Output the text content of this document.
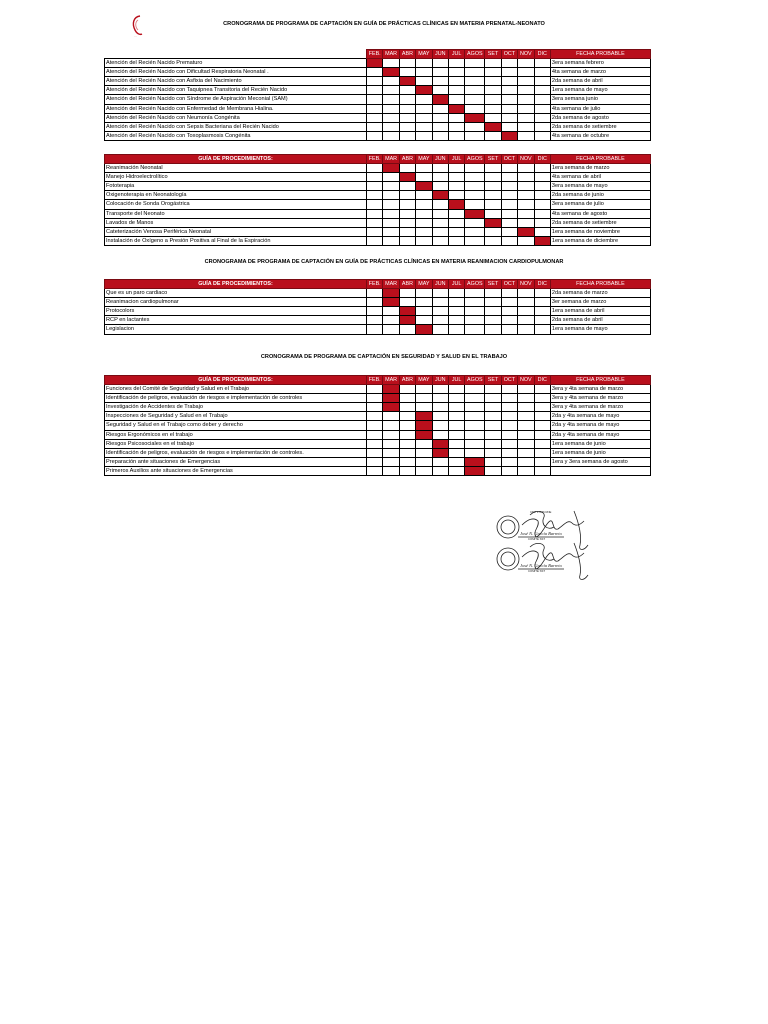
···
CRONOGRAMA DE PROGRAMA DE CAPTACIÓN EN GUÍA DE PRÁCTICAS CLÍNICAS EN MATERIA PRENATAL-NEONATO
CRONOGRAMA DE PROGRAMA DE CAPTACIÓN EN GUÍA DE PRÁCTICAS CLÍNICAS EN MATERIA REANIMACION CARDIOPULMONAR
CRONOGRAMA DE PROGRAMA DE CAPTACIÓN EN SEGURIDAD Y SALUD EN EL TRABAJO
	FEB.	MAR	ABR	MAY	JUN	JUL	AGOS	SET	OCT	NOV	DIC	FECHA PROBABLE
Atención del Recién Nacido Prematuro												3era semana febrero
Atención del Recién Nacido con Dificultad Respiratoria Neonatal .												4ta semana de marzo
Atención del Recién Nacido con Asfixia del Nacimiento												2da semana de abril
Atención del Recién Nacido con Taquipnea Transitoria del Recién Nacido												1era semana de mayo
Atención del Recién Nacido con Síndrome de Aspiración Meconial (SAM)												3era semana junio
Atención del Recién Nacido con Enfermedad de Membrana Hialina.												4ta semana de julio
Atención del Recién Nacido con Neumonía Congénita												2da semana de agosto
Atención del Recién Nacido con Sepsis Bacteriana del Recién Nacido												2da semana de setiembre
Atención del Recién Nacido con Toxoplasmosis Congénita												4ta semana de octubre
GUÍA DE PROCEDIMIENTOS:	FEB.	MAR	ABR	MAY	JUN	JUL	AGOS	SET	OCT	NOV	DIC	FECHA PROBABLE
Reanimación Neonatal												1era semana de marzo
Manejo Hidroelectrolítico												4ta semana de abril
Fototerapia												3era semana de mayo
Oxigenoterapia en Neonatología												2da semana de junio
Colocación de Sonda Orogástrica												3era semana de julio
Transporte del Neonato												4ta semana de agosto
Lavados de Manos												2da semana de setiembre
Cateterización Venosa Periférica Neonatal												1era semana de noviembre
Instalación de Oxígeno a Presión Positiva al Final de la Espiración												1era semana de diciembre
GUÍA DE PROCEDIMIENTOS:	FEB.	MAR	ABR	MAY	JUN	JUL	AGOS	SET	OCT	NOV	DIC	FECHA PROBABLE
Que es un paro cardiaco												2da semana de marzo
Reanimacion cardiopulmonar												3er semana de marzo
Protocolors												1era semana de abril
RCP en lactantes												2da semana de abril
Legislacion												1era semana de mayo
GUÍA DE PROCEDIMIENTOS:	FEB.	MAR	ABR	MAY	JUN	JUL	AGOS	SET	OCT	NOV	DIC	FECHA PROBABLE
Funciones del Comité de Seguridad y Salud en el Trabajo												3era y 4ta semana de marzo
Identificación de peligros, evaluación de riesgos e implementación de controles												3era y 4ta semana de marzo
Investigación de Accidentes de Trabajo												3era y 4ta semana de marzo
Inspecciones de Seguridad y Salud en el Trabajo												2da y 4ta semana de mayo
Seguridad y Salud en el Trabajo como deber y derecho												2da y 4ta semana de mayo
Riesgos Ergonómicos en el trabajo												2da y 4ta semana de mayo
Riesgos Psicosociales en el trabajo												1era semana de junio
Identificación de peligros, evaluación de riesgos e implementación de controles.												1era semana de junio
Preparación ante situaciones de Emergencias												1era y 3era semana de agosto
Primeros Auxilios ante situaciones de Emergencias												
José N. García Barreto
José N. García Barreto
COMITÉ SST
COMITÉ SST
CMP 17966 RNE
